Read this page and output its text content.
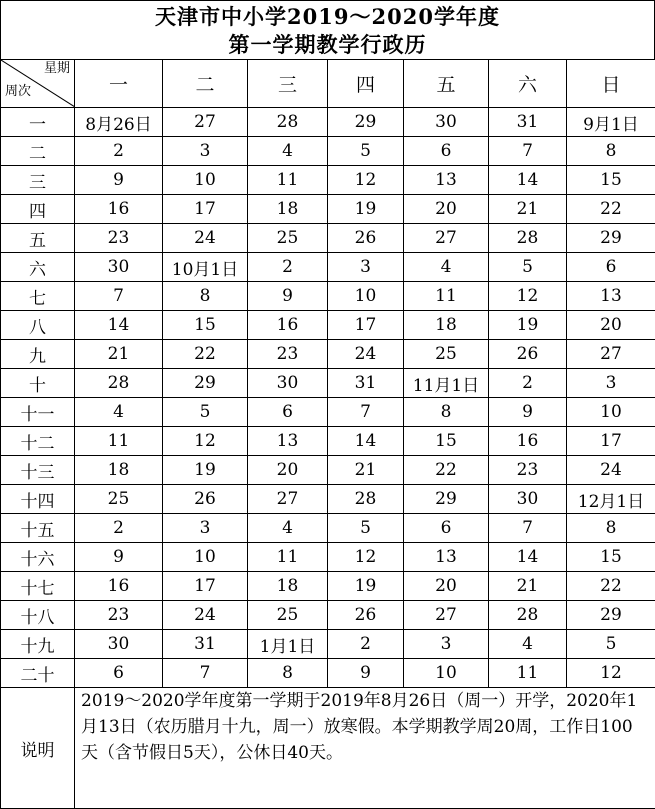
天津市中小学2019～2020学年度
第一学期教学行政历
星期
周次	一	二	三	四	五	六	日
一	8月26日	27	28	29	30	31	9月1日
二	2	3	4	5	6	7	8
三	9	10	11	12	13	14	15
四	16	17	18	19	20	21	22
五	23	24	25	26	27	28	29
六	30	10月1日	2	3	4	5	6
七	7	8	9	10	11	12	13
八	14	15	16	17	18	19	20
九	21	22	23	24	25	26	27
十	28	29	30	31	11月1日	2	3
十一	4	5	6	7	8	9	10
十二	11	12	13	14	15	16	17
十三	18	19	20	21	22	23	24
十四	25	26	27	28	29	30	12月1日
十五	2	3	4	5	6	7	8
十六	9	10	11	12	13	14	15
十七	16	17	18	19	20	21	22
十八	23	24	25	26	27	28	29
十九	30	31	1月1日	2	3	4	5
二十	6	7	8	9	10	11	12
说明	2019～2020学年度第一学期于2019年8月26日（周一）开学，2020年1月13日（农历腊月十九，周一）放寒假。本学期教学周20周，工作日100天（含节假日5天），公休日40天。						
